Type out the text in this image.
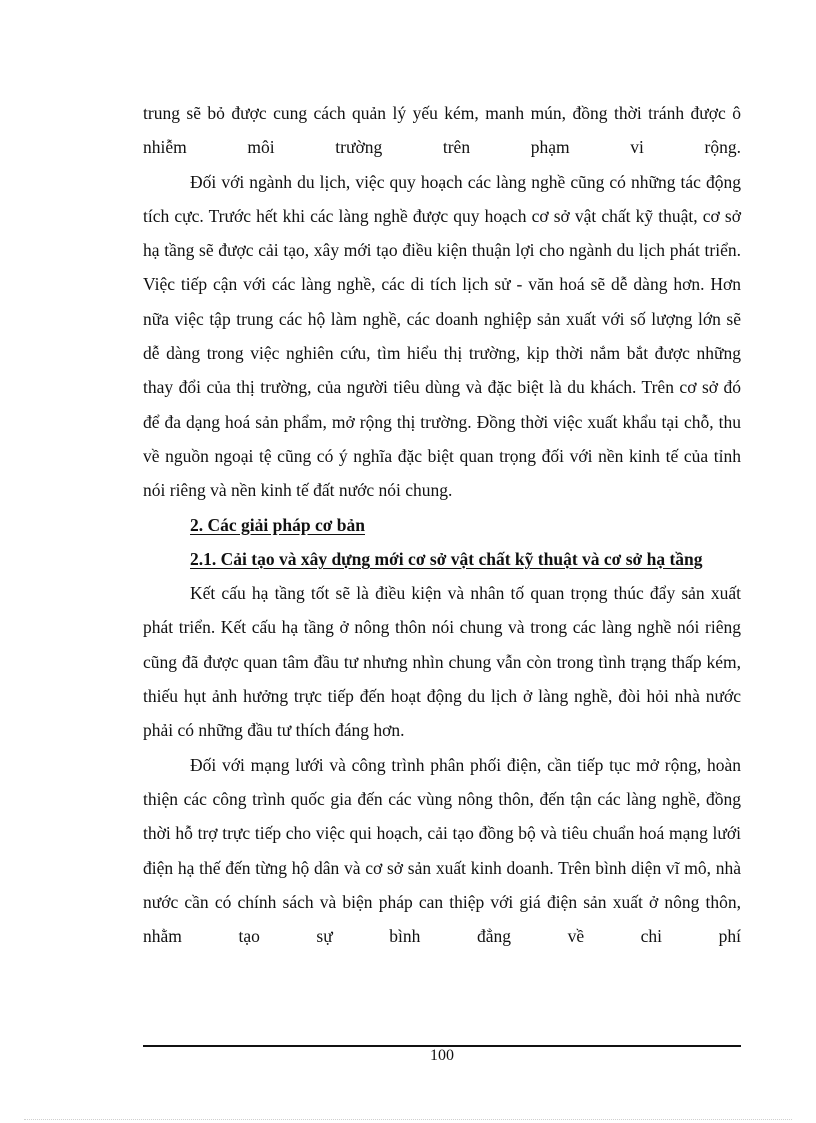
trung sẽ bỏ được cung cách quản lý yếu kém, manh mún, đồng thời tránh được ô nhiễm môi trường trên phạm vi rộng.

Đối với ngành du lịch, việc quy hoạch các làng nghề cũng có những tác động tích cực. Trước hết khi các làng nghề được quy hoạch cơ sở vật chất kỹ thuật, cơ sở hạ tầng sẽ được cải tạo, xây mới tạo điều kiện thuận lợi cho ngành du lịch phát triển. Việc tiếp cận với các làng nghề, các di tích lịch sử - văn hoá sẽ dễ dàng hơn. Hơn nữa việc tập trung các hộ làm nghề, các doanh nghiệp sản xuất với số lượng lớn sẽ dễ dàng trong việc nghiên cứu, tìm hiểu thị trường, kịp thời nắm bắt được những thay đổi của thị trường, của người tiêu dùng và đặc biệt là du khách. Trên cơ sở đó để đa dạng hoá sản phẩm, mở rộng thị trường. Đồng thời việc xuất khẩu tại chỗ, thu về nguồn ngoại tệ cũng có ý nghĩa đặc biệt quan trọng đối với nền kinh tế của tỉnh nói riêng và nền kinh tế đất nước nói chung.

2. Các giải pháp cơ bản

2.1. Cải tạo và xây dựng mới cơ sở vật chất kỹ thuật và cơ sở hạ tầng

Kết cấu hạ tầng tốt sẽ là điều kiện và nhân tố quan trọng thúc đẩy sản xuất phát triển. Kết cấu hạ tầng ở nông thôn nói chung và trong các làng nghề nói riêng cũng đã được quan tâm đầu tư nhưng nhìn chung vẫn còn trong tình trạng thấp kém, thiếu hụt ảnh hưởng trực tiếp đến hoạt động du lịch ở làng nghề, đòi hỏi nhà nước phải có những đầu tư thích đáng hơn.

Đối với mạng lưới và công trình phân phối điện, cần tiếp tục mở rộng, hoàn thiện các công trình quốc gia đến các vùng nông thôn, đến tận các làng nghề, đồng thời hỗ trợ trực tiếp cho việc qui hoạch, cải tạo đồng bộ và tiêu chuẩn hoá mạng lưới điện hạ thế đến từng hộ dân và cơ sở sản xuất kinh doanh. Trên bình diện vĩ mô, nhà nước cần có chính sách và biện pháp can thiệp với giá điện sản xuất ở nông thôn, nhằm tạo sự bình đẳng về chi phí

100
